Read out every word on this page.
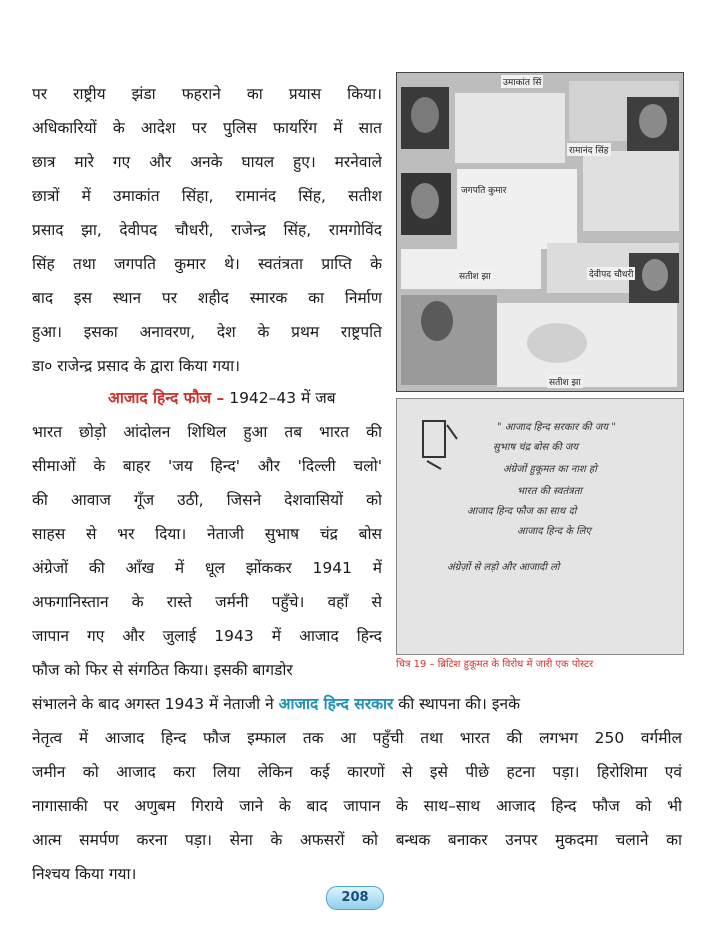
पर राष्ट्रीय झंडा फहराने का प्रयास किया।
अधिकारियों के आदेश पर पुलिस फायरिंग में सात
छात्र मारे गए और अनके घायल हुए। मरनेवाले
छात्रों में उमाकांत सिंहा, रामानंद सिंह, सतीश
प्रसाद झा, देवीपद चौधरी, राजेन्द्र सिंह, रामगोविंद
सिंह तथा जगपति कुमार थे। स्वतंत्रता प्राप्ति के
बाद इस स्थान पर शहीद स्मारक का निर्माण
हुआ। इसका अनावरण, देश के प्रथम राष्ट्रपति
डा० राजेन्द्र प्रसाद के द्वारा किया गया।
आजाद हिन्द फौज – 1942–43 में जब
भारत छोड़ो आंदोलन शिथिल हुआ तब भारत की
सीमाओं के बाहर 'जय हिन्द' और 'दिल्ली चलो'
की आवाज गूँज उठी, जिसने देशवासियों को
साहस से भर दिया। नेताजी सुभाष चंद्र बोस
अंग्रेजों की आँख में धूल झोंककर 1941 में
अफगानिस्तान के रास्ते जर्मनी पहुँचे। वहाँ से
जापान गए और जुलाई 1943 में आजाद हिन्द
फौज को फिर से संगठित किया। इसकी बागडोर
संभालने के बाद अगस्त 1943 में नेताजी ने आजाद हिन्द सरकार की स्थापना की। इनके
नेतृत्व में आजाद हिन्द फौज इम्फाल तक आ पहुँची तथा भारत की लगभग 250 वर्गमील
जमीन को आजाद करा लिया लेकिन कई कारणों से इसे पीछे हटना पड़ा। हिरोशिमा एवं
नागासाकी पर अणुबम गिराये जाने के बाद जापान के साथ–साथ आजाद हिन्द फौज को भी
आत्म समर्पण करना पड़ा। सेना के अफसरों को बन्धक बनाकर उनपर मुकदमा चलाने का
निश्चय किया गया।
उमाकांत सिं
रामानंद सिंह
जगपति कुमार
सतीश झा	देवीपद चौधरी
सतीश झा
" आजाद हिन्द सरकार की जय "
सुभाष चंद्र बोस की जय
अंग्रेजों हुकूमत का नाश हो
भारत की स्वतंत्रता
आजाद हिन्द फौज का साथ दो
आजाद हिन्द के लिए
अंग्रेज़ों से लड़ो और आजादी लो
चित्र 19 – ब्रिटिश हुकूमत के विरोध में जारी एक पोस्टर
208
